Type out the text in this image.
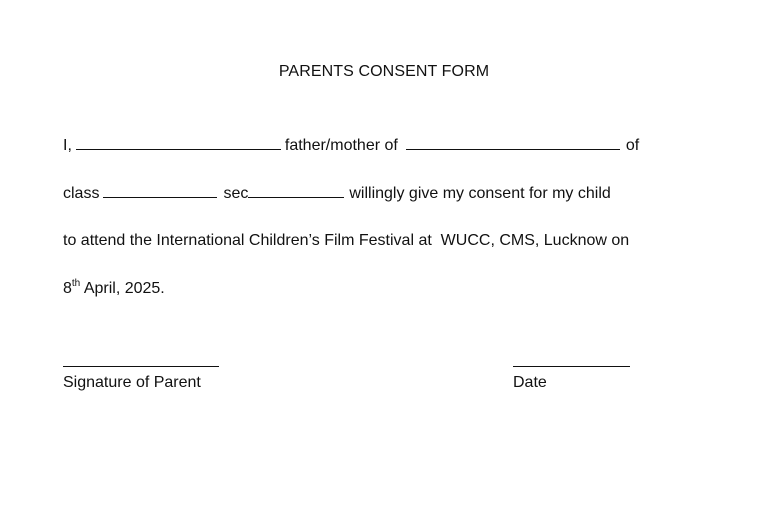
PARENTS CONSENT FORM
I,	father/mother of	of
class	sec	willingly give my consent for my child
to attend the International Children’s Film Festival at  WUCC, CMS, Lucknow on
8th April, 2025.
Signature of Parent	Date
